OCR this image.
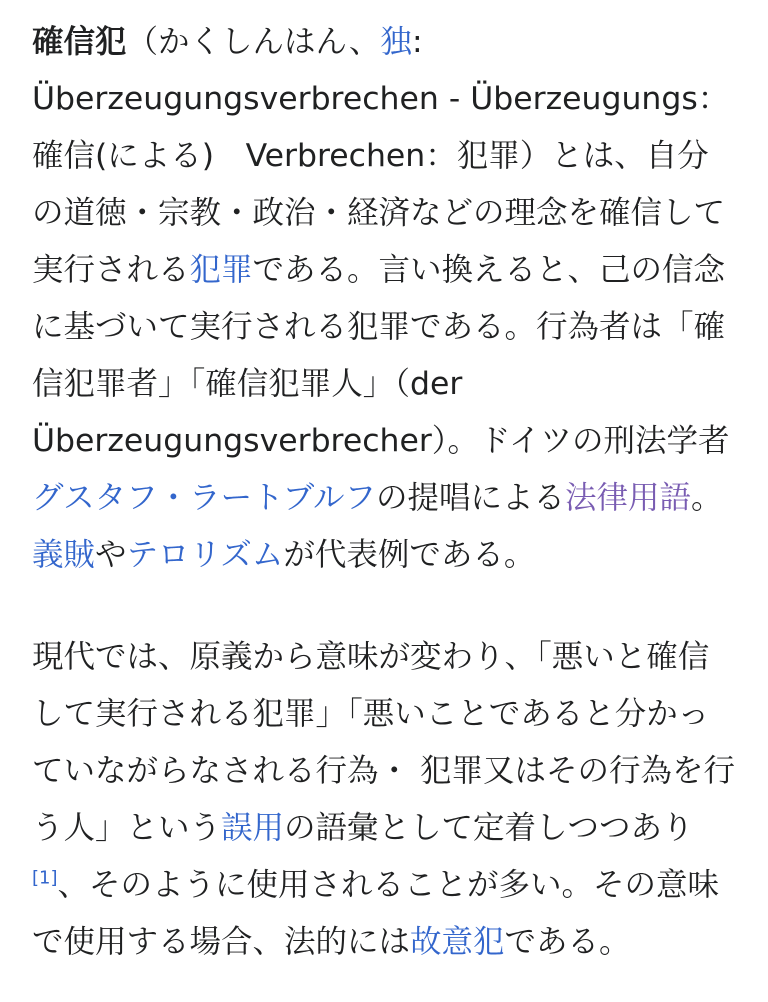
確信犯（かくしんはん、独: Überzeugungsverbrechen - Überzeugungs：確信(による)　Verbrechen：犯罪）とは、自分の道徳・宗教・政治・経済などの理念を確信して実行される犯罪である。言い換えると、己の信念に基づいて実行される犯罪である。行為者は「確信犯罪者」「確信犯罪人」（der Überzeugungsverbrecher）。ドイツの刑法学者グスタフ・ラートブルフの提唱による法律用語。義賊やテロリズムが代表例である。

現代では、原義から意味が変わり、「悪いと確信して実行される犯罪」「悪いことであると分かっていながらなされる行為・ 犯罪又はその行為を行う人」という誤用の語彙として定着しつつあり[1]、そのように使用されることが多い。その意味で使用する場合、法的には故意犯である。
